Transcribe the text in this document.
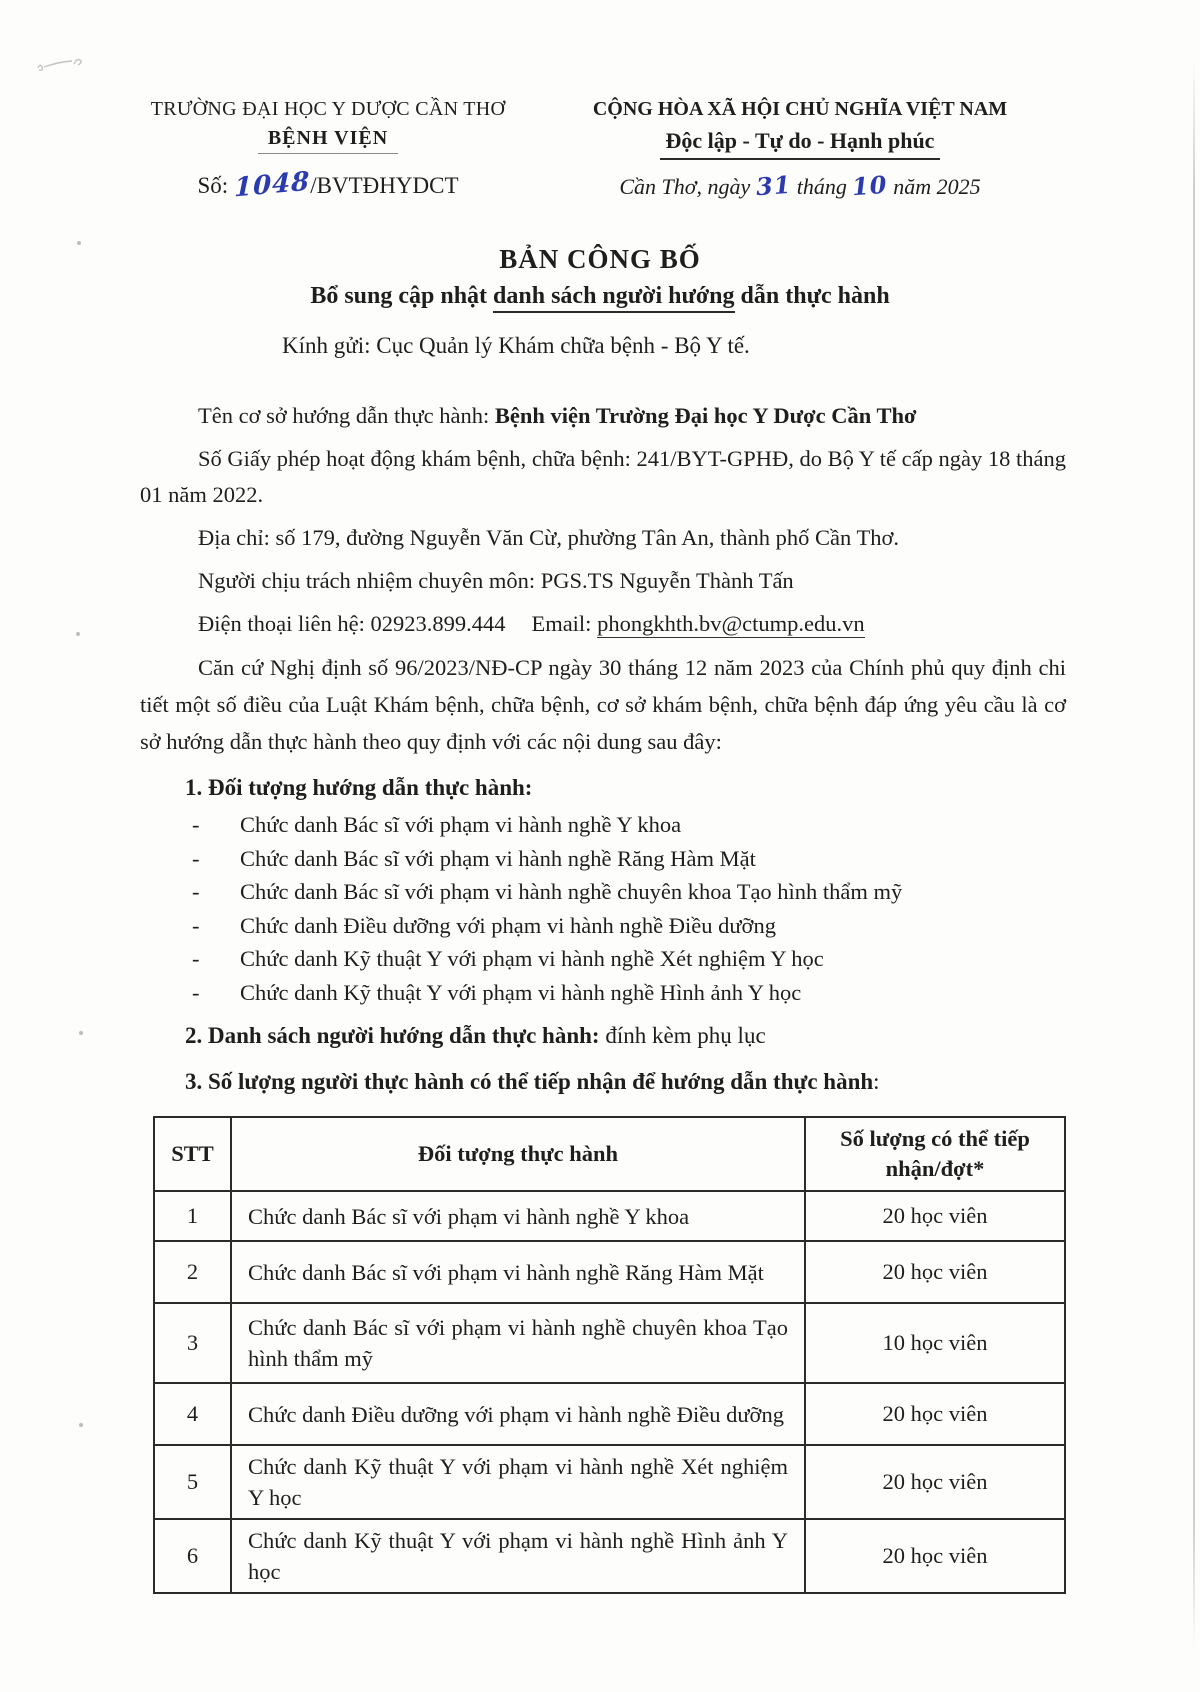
TRƯỜNG ĐẠI HỌC Y DƯỢC CẦN THƠ
BỆNH VIỆN
Số: 1048/BVTĐHYDCT
CỘNG HÒA XÃ HỘI CHỦ NGHĨA VIỆT NAM
Độc lập - Tự do - Hạnh phúc
Cần Thơ, ngày 31 tháng 10 năm 2025
BẢN CÔNG BỐ
Bổ sung cập nhật danh sách người hướng dẫn thực hành
Kính gửi: Cục Quản lý Khám chữa bệnh - Bộ Y tế.

Tên cơ sở hướng dẫn thực hành: Bệnh viện Trường Đại học Y Dược Cần Thơ

Số Giấy phép hoạt động khám bệnh, chữa bệnh: 241/BYT-GPHĐ, do Bộ Y tế cấp ngày 18 tháng 01 năm 2022.

Địa chỉ: số 179, đường Nguyễn Văn Cừ, phường Tân An, thành phố Cần Thơ.

Người chịu trách nhiệm chuyên môn: PGS.TS Nguyễn Thành Tấn

Điện thoại liên hệ: 02923.899.444 Email: phongkhth.bv@ctump.edu.vn

Căn cứ Nghị định số 96/2023/NĐ-CP ngày 30 tháng 12 năm 2023 của Chính phủ quy định chi tiết một số điều của Luật Khám bệnh, chữa bệnh, cơ sở khám bệnh, chữa bệnh đáp ứng yêu cầu là cơ sở hướng dẫn thực hành theo quy định với các nội dung sau đây:

1. Đối tượng hướng dẫn thực hành:
- Chức danh Bác sĩ với phạm vi hành nghề Y khoa
- Chức danh Bác sĩ với phạm vi hành nghề Răng Hàm Mặt
- Chức danh Bác sĩ với phạm vi hành nghề chuyên khoa Tạo hình thẩm mỹ
- Chức danh Điều dưỡng với phạm vi hành nghề Điều dưỡng
- Chức danh Kỹ thuật Y với phạm vi hành nghề Xét nghiệm Y học
- Chức danh Kỹ thuật Y với phạm vi hành nghề Hình ảnh Y học
2. Danh sách người hướng dẫn thực hành: đính kèm phụ lục
3. Số lượng người thực hành có thể tiếp nhận để hướng dẫn thực hành:
STT	Đối tượng thực hành	Số lượng có thể tiếp nhận/đợt*
1	Chức danh Bác sĩ với phạm vi hành nghề Y khoa	20 học viên
2	Chức danh Bác sĩ với phạm vi hành nghề Răng Hàm Mặt	20 học viên
3	Chức danh Bác sĩ với phạm vi hành nghề chuyên khoa Tạo hình thẩm mỹ	10 học viên
4	Chức danh Điều dưỡng với phạm vi hành nghề Điều dưỡng	20 học viên
5	Chức danh Kỹ thuật Y với phạm vi hành nghề Xét nghiệm Y học	20 học viên
6	Chức danh Kỹ thuật Y với phạm vi hành nghề Hình ảnh Y học	20 học viên
